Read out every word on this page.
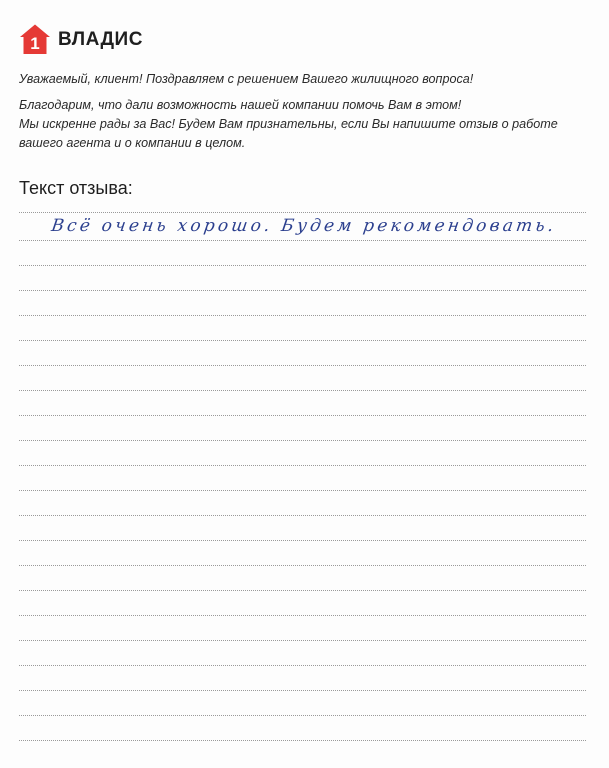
1 ВЛАДИС

Уважаемый, клиент! Поздравляем с решением Вашего жилищного вопроса!

Благодарим, что дали возможность нашей компании помочь Вам в этом!

Мы искренне рады за Вас! Будем Вам признательны, если Вы напишите отзыв о работе

вашего агента и о компании в целом.

Текст отзыва:
Всё очень хорошо. Будем рекомендовать.
